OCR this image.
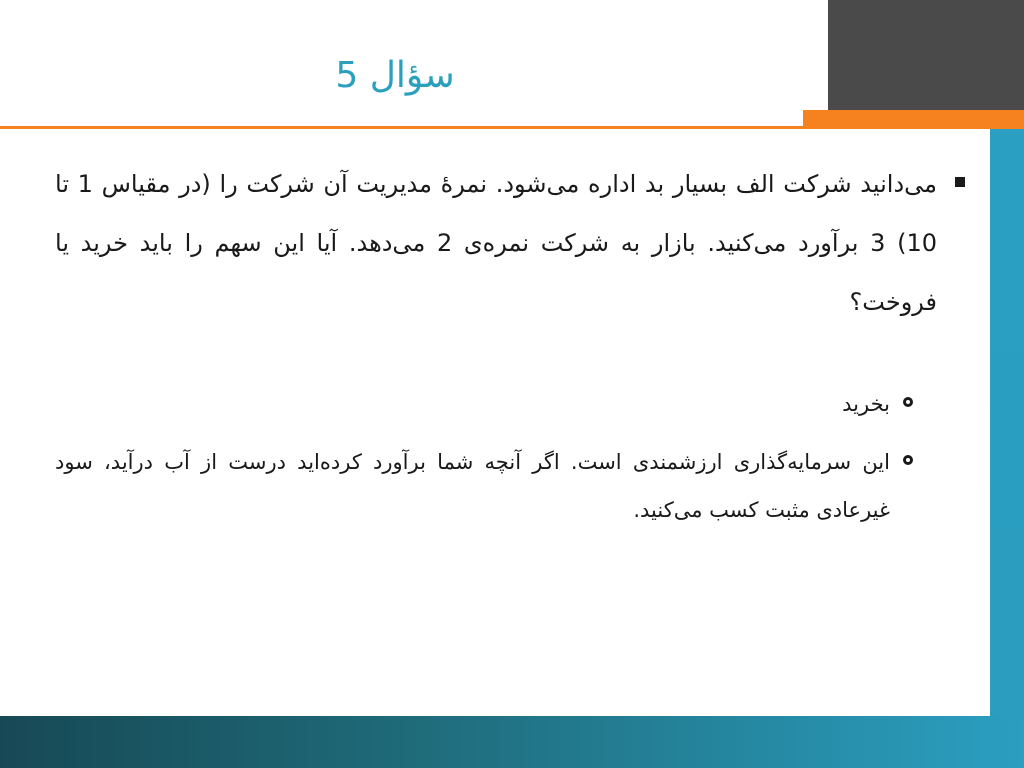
سؤال 5

می‌دانید شرکت الف بسیار بد اداره می‌شود. نمرهٔ مدیریت آن شرکت را (در مقیاس 1 تا 10) 3 برآورد می‌کنید. بازار به شرکت نمره‌ی 2 می‌دهد. آیا این سهم را باید خرید یا فروخت؟

بخرید

این سرمایه‌گذاری ارزشمندی است. اگر آنچه شما برآورد کرده‌اید درست از آب درآید، سود غیرعادی مثبت کسب می‌کنید.
